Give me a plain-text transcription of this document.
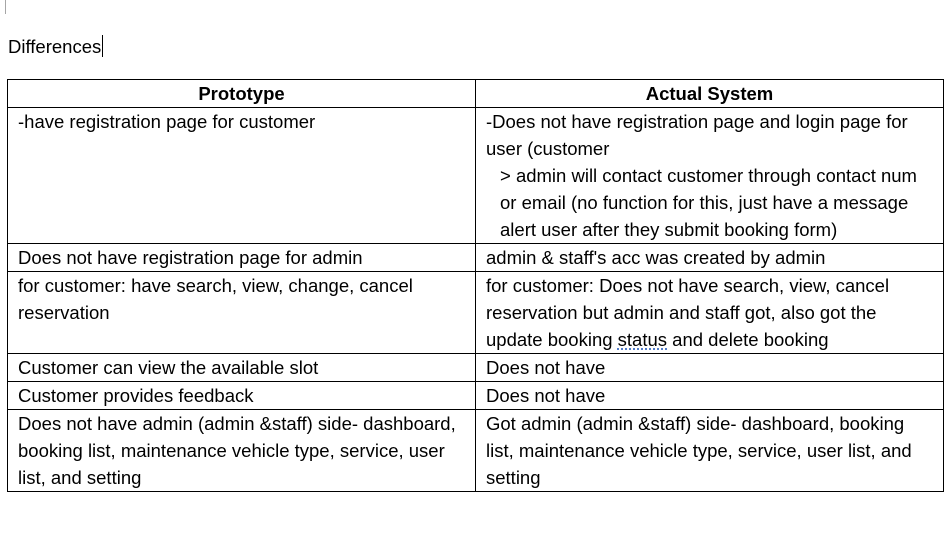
Differences
Prototype	Actual System
-have registration page for customer	-Does not have registration page and login page for user (customer
> admin will contact customer through contact num or email (no function for this, just have a message alert user after they submit booking form)

Does not have registration page for admin	admin & staff's acc was created by admin
for customer: have search, view, change, cancel reservation	for customer: Does not have search, view, cancel reservation but admin and staff got, also got the update booking status and delete booking
Customer can view the available slot	Does not have
Customer provides feedback	Does not have
Does not have admin (admin &staff) side- dashboard, booking list, maintenance vehicle type, service, user list, and setting	Got admin (admin &staff) side- dashboard, booking list, maintenance vehicle type, service, user list, and setting
